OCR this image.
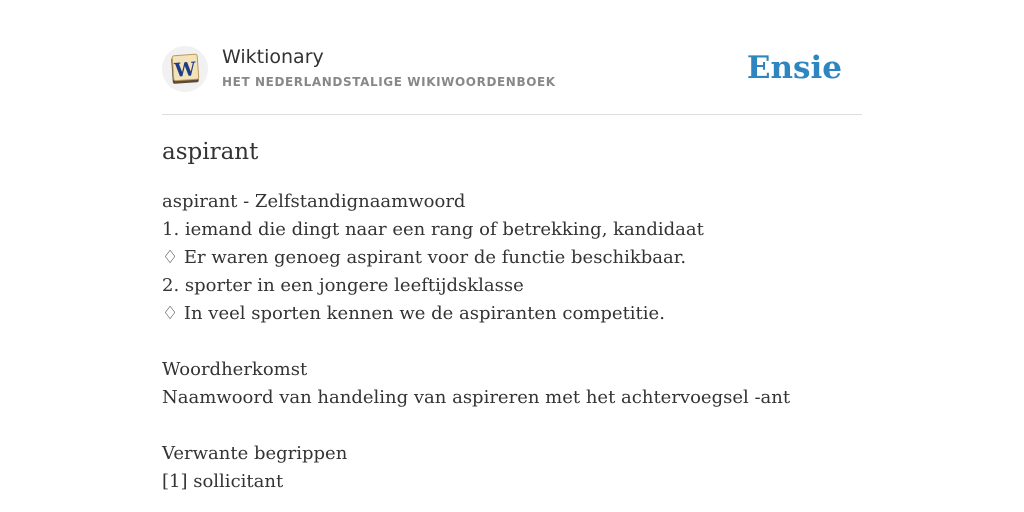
W
Wiktionary
HET NEDERLANDSTALIGE WIKIWOORDENBOEK	Ensie
aspirant
aspirant - Zelfstandignaamwoord
1. iemand die dingt naar een rang of betrekking, kandidaat
♢ Er waren genoeg aspirant voor de functie beschikbaar.
2. sporter in een jongere leeftijdsklasse
♢ In veel sporten kennen we de aspiranten competitie.
Woordherkomst
Naamwoord van handeling van aspireren met het achtervoegsel -ant
Verwante begrippen
[1] sollicitant
